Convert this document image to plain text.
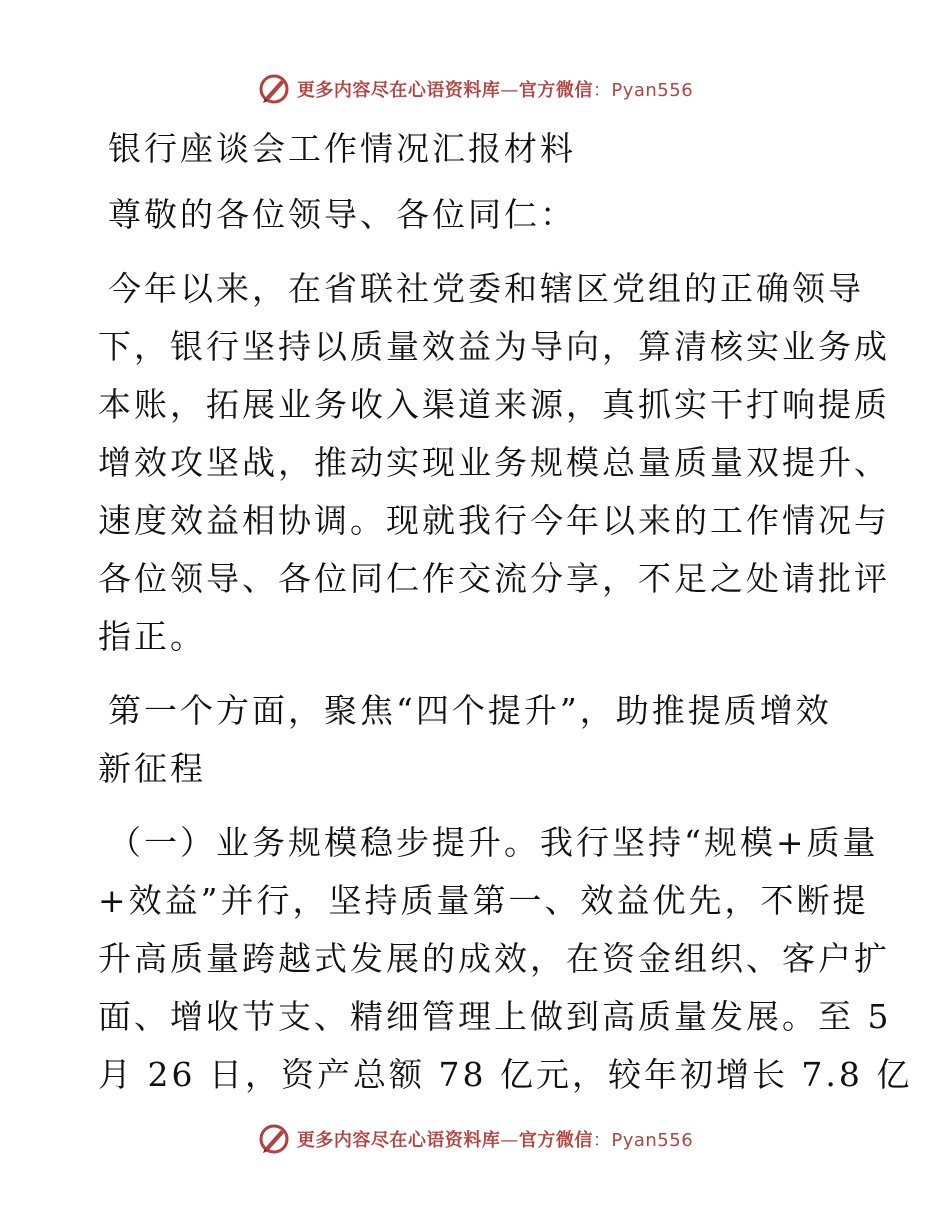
更多内容尽在心语资料库—官方微信：Pyan556

银行座谈会工作情况汇报材料

尊敬的各位领导、各位同仁：

今年以来，在省联社党委和辖区党组的正确领导

下，银行坚持以质量效益为导向，算清核实业务成

本账，拓展业务收入渠道来源，真抓实干打响提质

增效攻坚战，推动实现业务规模总量质量双提升、

速度效益相协调。现就我行今年以来的工作情况与

各位领导、各位同仁作交流分享，不足之处请批评

指正。

第一个方面，聚焦“四个提升”，助推提质增效

新征程

（一）业务规模稳步提升。我行坚持“规模+质量

+效益”并行，坚持质量第一、效益优先，不断提

升高质量跨越式发展的成效，在资金组织、客户扩

面、增收节支、精细管理上做到高质量发展。至 5

月 26 日，资产总额 78 亿元，较年初增长 7.8 亿

更多内容尽在心语资料库—官方微信：Pyan556
